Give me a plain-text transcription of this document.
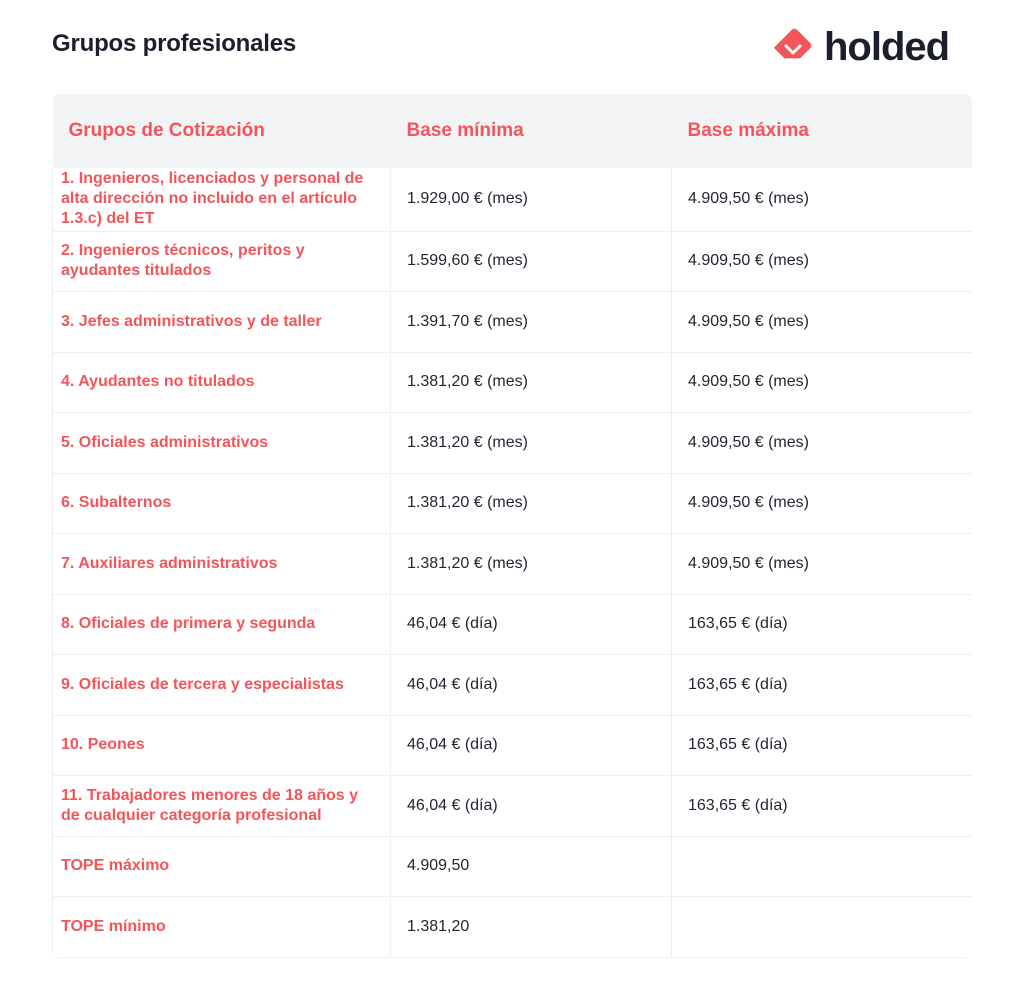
Grupos profesionales	holded
Grupos de Cotización	Base mínima	Base máxima
1. Ingenieros, licenciados y personal de alta dirección no incluido en el artículo 1.3.c) del ET	1.929,00 € (mes)	4.909,50 € (mes)
2. Ingenieros técnicos, peritos y ayudantes titulados	1.599,60 € (mes)	4.909,50 € (mes)
3. Jefes administrativos y de taller	1.391,70 € (mes)	4.909,50 € (mes)
4. Ayudantes no titulados	1.381,20 € (mes)	4.909,50 € (mes)
5. Oficiales administrativos	1.381,20 € (mes)	4.909,50 € (mes)
6. Subalternos	1.381,20 € (mes)	4.909,50 € (mes)
7. Auxiliares administrativos	1.381,20 € (mes)	4.909,50 € (mes)
8. Oficiales de primera y segunda	46,04 € (día)	163,65 € (día)
9. Oficiales de tercera y especialistas	46,04 € (día)	163,65 € (día)
10. Peones	46,04 € (día)	163,65 € (día)
11. Trabajadores menores de 18 años y de cualquier categoría profesional	46,04 € (día)	163,65 € (día)
TOPE máximo	4.909,50	
TOPE mínimo	1.381,20	
